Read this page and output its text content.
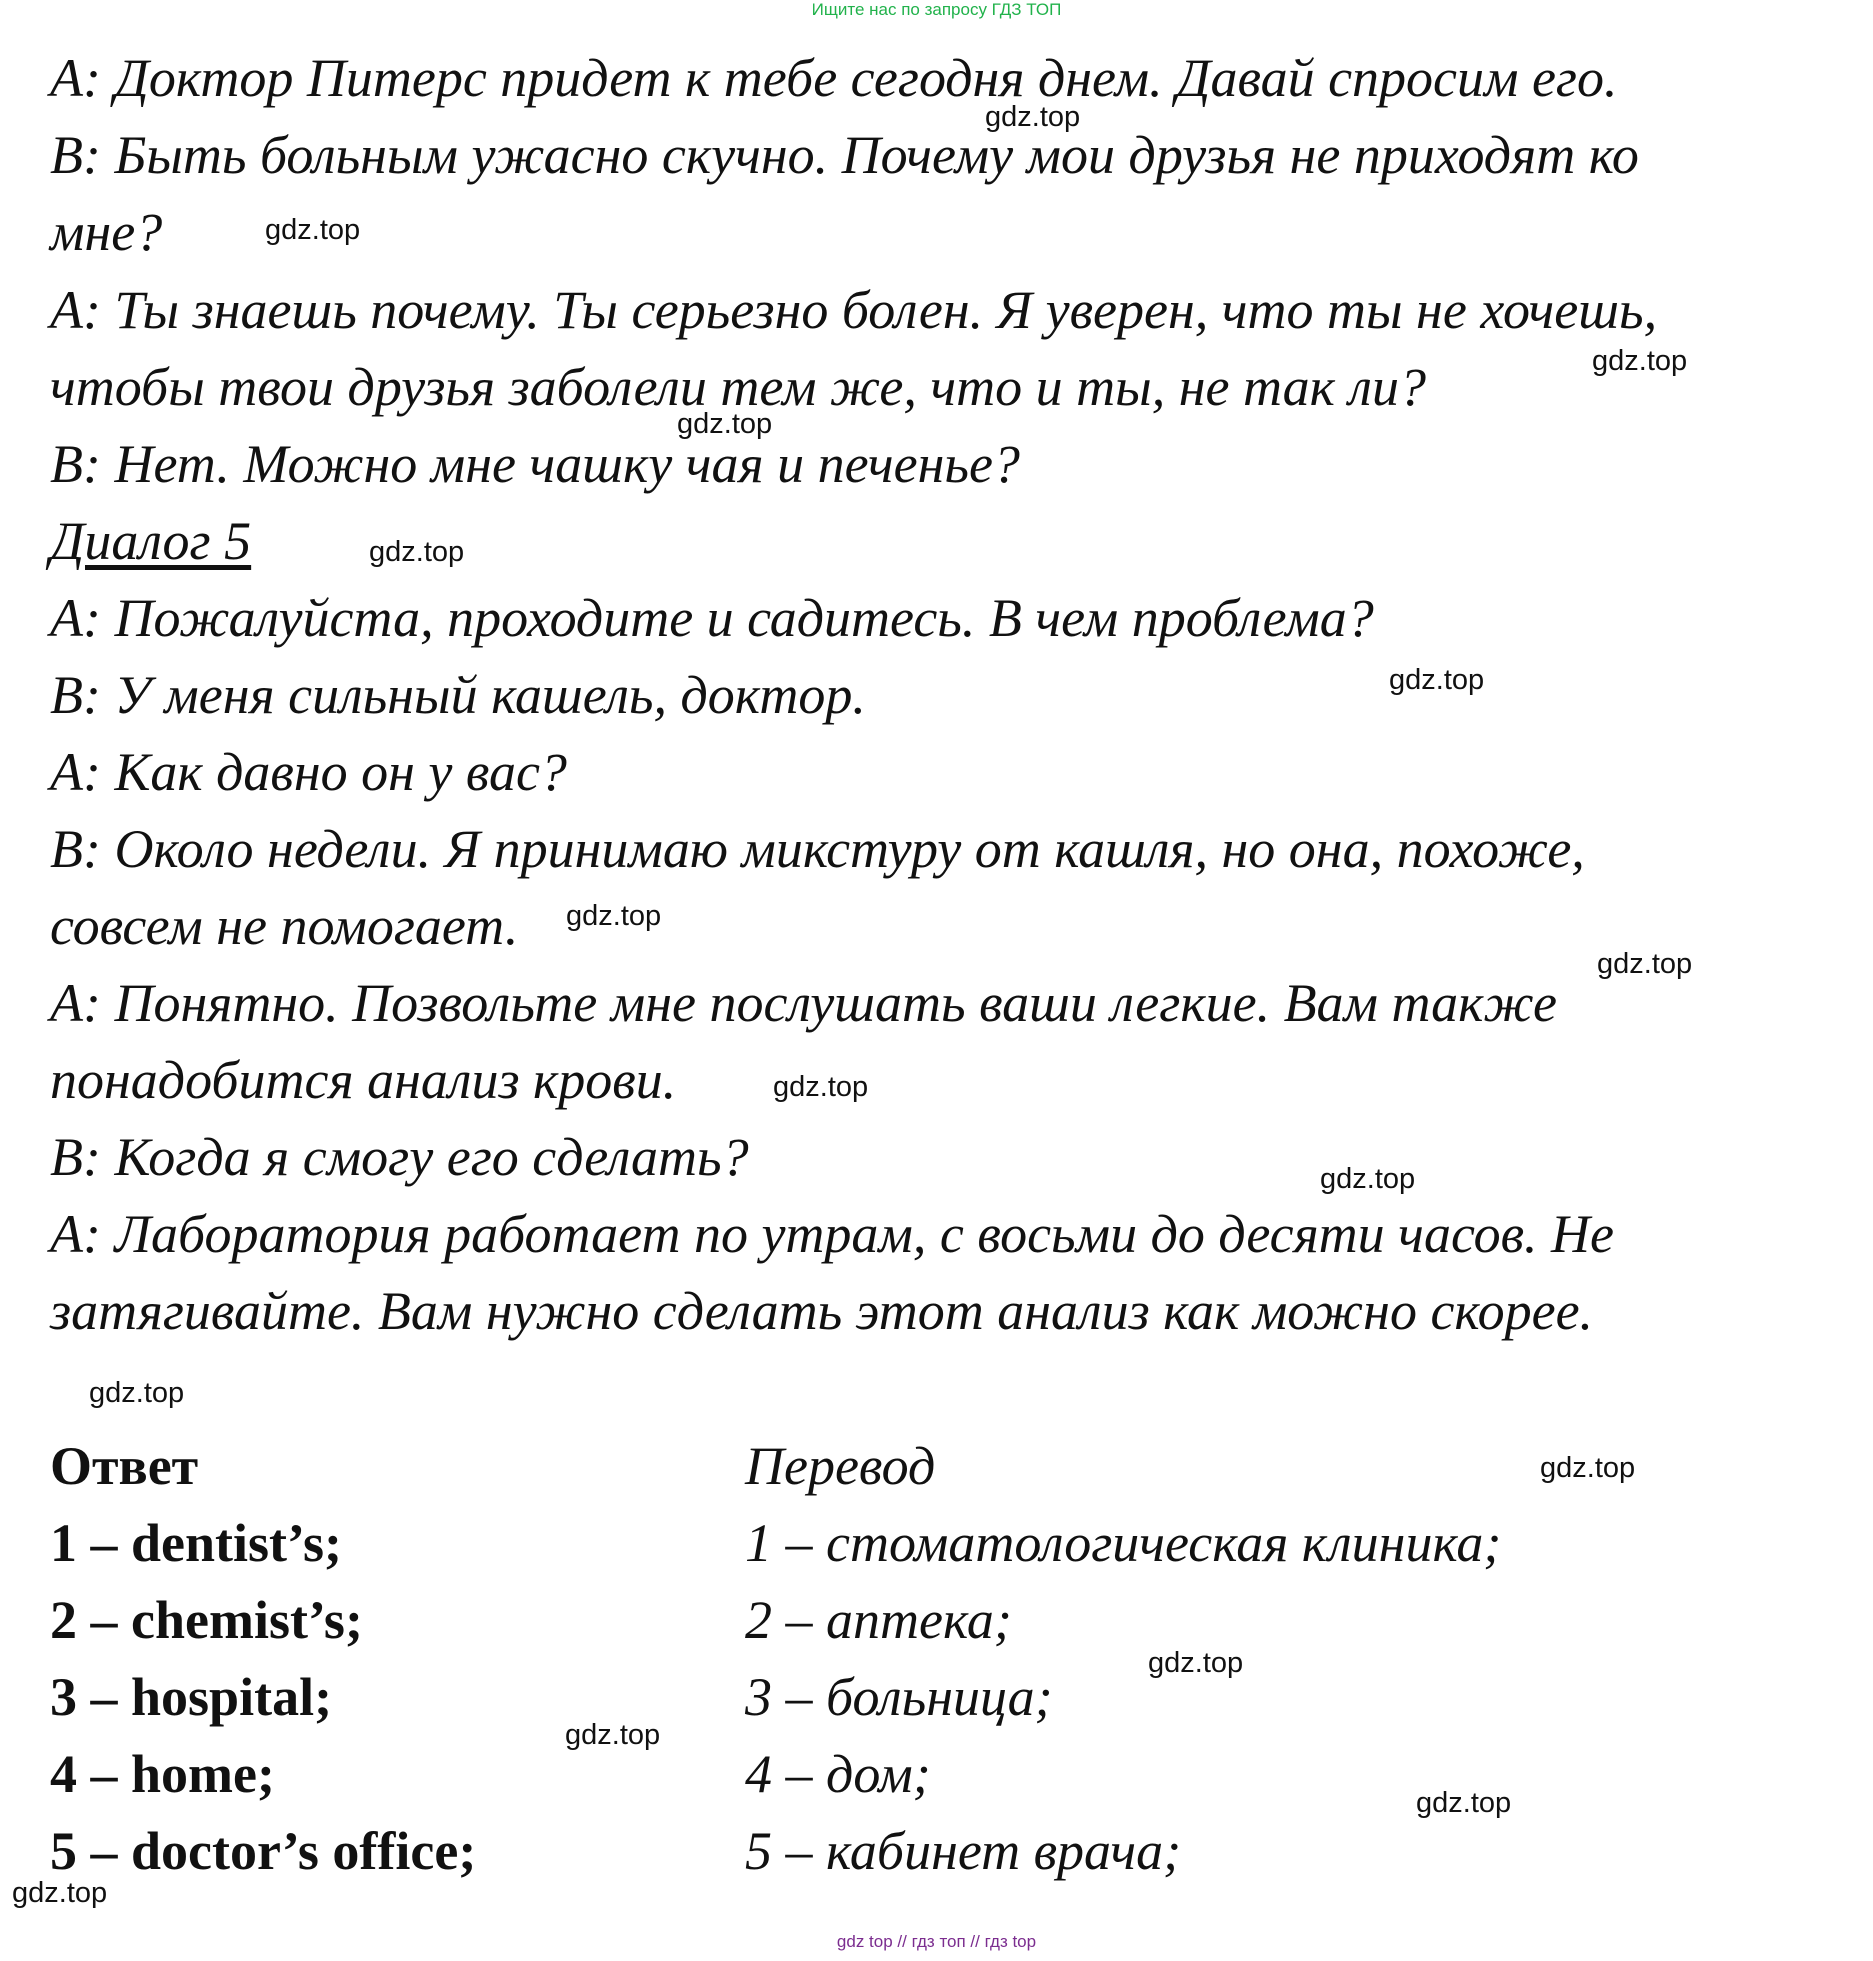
Ищите нас по запросу ГДЗ ТОП
А: Доктор Питерс придет к тебе сегодня днем. Давай спросим его.
В: Быть больным ужасно скучно. Почему мои друзья не приходят ко
мне?
А: Ты знаешь почему. Ты серьезно болен. Я уверен, что ты не хочешь,
чтобы твои друзья заболели тем же, что и ты, не так ли?
В: Нет. Можно мне чашку чая и печенье?
Диалог 5
А: Пожалуйста, проходите и садитесь. В чем проблема?
В: У меня сильный кашель, доктор.
А: Как давно он у вас?
В: Около недели. Я принимаю микстуру от кашля, но она, похоже,
совсем не помогает.
А: Понятно. Позвольте мне послушать ваши легкие. Вам также
понадобится анализ крови.
В: Когда я смогу его сделать?
А: Лаборатория работает по утрам, с восьми до десяти часов. Не
затягивайте. Вам нужно сделать этот анализ как можно скорее.
Ответ	Перевод
1 – dentist’s;
2 – chemist’s;
3 – hospital;
4 – home;
5 – doctor’s office;
1 – стоматологическая клиника;
2 – аптека;
3 – больница;
4 – дом;
5 – кабинет врача;
gdz.top
gdz.top
gdz.top
gdz.top
gdz.top
gdz.top
gdz.top
gdz.top
gdz.top
gdz.top
gdz.top
gdz.top
gdz.top
gdz.top
gdz.top
gdz.top
gdz top // гдз топ // гдз top
